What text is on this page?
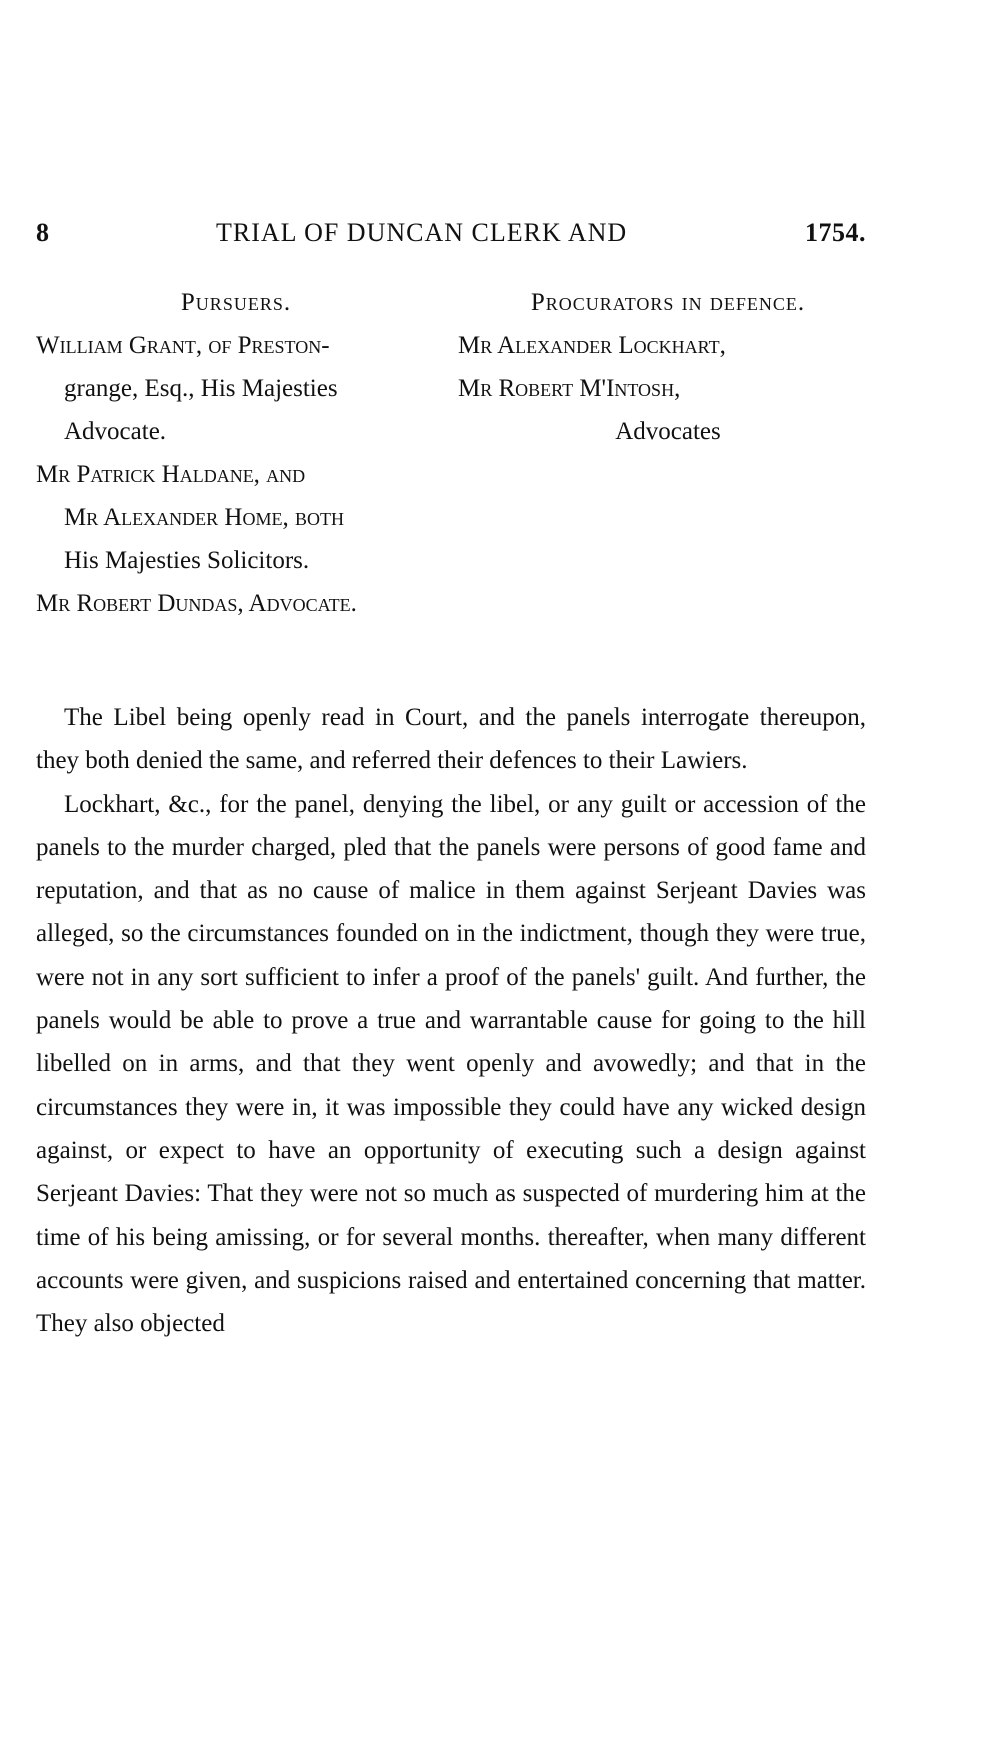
8	TRIAL OF DUNCAN CLERK AND	1754.
Pursuers.
William Grant, of Preston-
grange, Esq., His Majesties
Advocate.
Mr Patrick Haldane, and
Mr Alexander Home, both
His Majesties Solicitors.
Mr Robert Dundas, Advocate.
Procurators in defence.
Mr Alexander Lockhart,
Mr Robert M'Intosh,
Advocates

The Libel being openly read in Court, and the panels interrogate thereupon, they both denied the same, and referred their defences to their Lawiers.

Lockhart, &c., for the panel, denying the libel, or any guilt or accession of the panels to the murder charged, pled that the panels were persons of good fame and reputation, and that as no cause of malice in them against Serjeant Davies was alleged, so the circumstances founded on in the indictment, though they were true, were not in any sort sufficient to infer a proof of the panels' guilt. And further, the panels would be able to prove a true and warrantable cause for going to the hill libelled on in arms, and that they went openly and avowedly; and that in the circumstances they were in, it was impossible they could have any wicked design against, or expect to have an opportunity of executing such a design against Serjeant Davies: That they were not so much as suspected of murdering him at the time of his being amissing, or for several months. thereafter, when many different accounts were given, and suspicions raised and entertained concerning that matter. They also objected
